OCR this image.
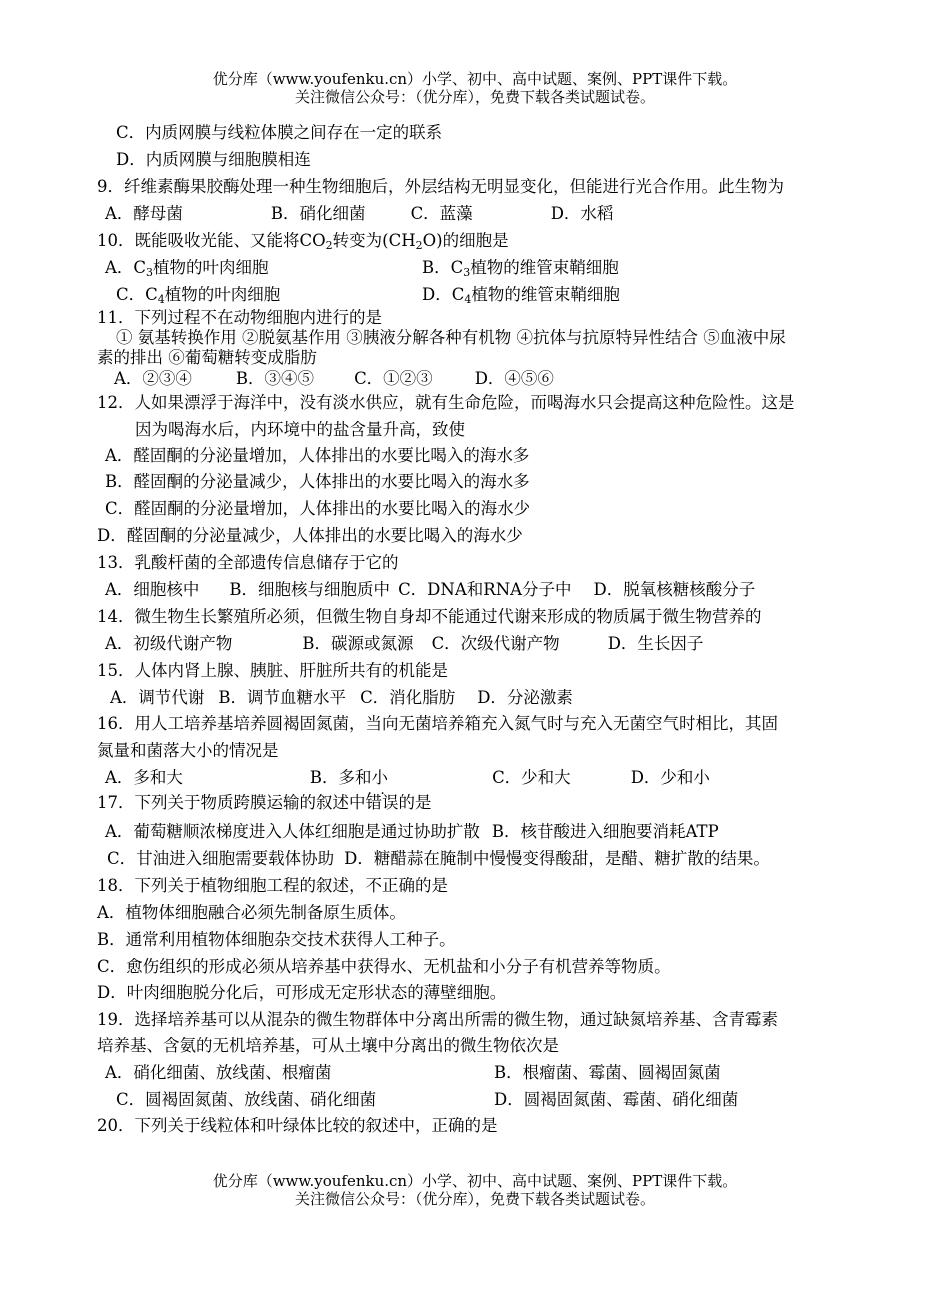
优分库（www.youfenku.cn）小学、初中、高中试题、案例、PPT课件下载。
关注微信公众号：（优分库），免费下载各类试题试卷。
C．内质网膜与线粒体膜之间存在一定的联系
D．内质网膜与细胞膜相连
9．纤维素酶果胶酶处理一种生物细胞后，外层结构无明显变化，但能进行光合作用。此生物为
A．酵母菌	B．硝化细菌	C．蓝藻	D．水稻
10．既能吸收光能、又能将$CO_2$转变为$(CH_2O)$的细胞是
A．$C_3$植物的叶肉细胞	B．$C_3$植物的维管束鞘细胞
C．$C_4$植物的叶肉细胞	D．$C_4$植物的维管束鞘细胞
11．下列过程不在动物细胞内进行的是
① 氨基转换作用 ②脱氨基作用 ③胰液分解各种有机物 ④抗体与抗原特异性结合 ⑤血液中尿
素的排出 ⑥葡萄糖转变成脂肪
A．②③④	B．③④⑤ C．①②③	D．④⑤⑥
12．人如果漂浮于海洋中，没有淡水供应，就有生命危险，而喝海水只会提高这种危险性。这是
因为喝海水后，内环境中的盐含量升高，致使
A．醛固酮的分泌量增加，人体排出的水要比喝入的海水多
B．醛固酮的分泌量减少，人体排出的水要比喝入的海水多
C．醛固酮的分泌量增加，人体排出的水要比喝入的海水少
D．醛固酮的分泌量减少，人体排出的水要比喝入的海水少
13．乳酸杆菌的全部遗传信息储存于它的
A．细胞核中 B．细胞核与细胞质中 C．DNA和RNA分子中 D．脱氧核糖核酸分子
14．微生物生长繁殖所必须，但微生物自身却不能通过代谢来形成的物质属于微生物营养的
A．初级代谢产物	B．碳源或氮源 C．次级代谢产物	D．生长因子
15．人体内肾上腺、胰脏、肝脏所共有的机能是
A．调节代谢 B．调节血糖水平 C．消化脂肪 D．分泌激素
16．用人工培养基培养圆褐固氮菌，当向无菌培养箱充入氮气时与充入无菌空气时相比，其固
氮量和菌落大小的情况是
A．多和大	B．多和小	C．少和大	D．少和小
17．下列关于物质跨膜运输的叙述中错误 · ·的是
A．葡萄糖顺浓梯度进入人体红细胞是通过协助扩散 B．核苷酸进入细胞要消耗ATP
C．甘油进入细胞需要载体协助 D．糖醋蒜在腌制中慢慢变得酸甜，是醋、糖扩散的结果。
18．下列关于植物细胞工程的叙述，不正确的是
A．植物体细胞融合必须先制备原生质体。
B．通常利用植物体细胞杂交技术获得人工种子。
C．愈伤组织的形成必须从培养基中获得水、无机盐和小分子有机营养等物质。
D．叶肉细胞脱分化后，可形成无定形状态的薄壁细胞。
19．选择培养基可以从混杂的微生物群体中分离出所需的微生物，通过缺氮培养基、含青霉素
培养基、含氨的无机培养基，可从土壤中分离出的微生物依次是
A．硝化细菌、放线菌、根瘤菌	B．根瘤菌、霉菌、圆褐固氮菌
C．圆褐固氮菌、放线菌、硝化细菌	D．圆褐固氮菌、霉菌、硝化细菌
20．下列关于线粒体和叶绿体比较的叙述中，正确的是
优分库（www.youfenku.cn）小学、初中、高中试题、案例、PPT课件下载。
关注微信公众号：（优分库），免费下载各类试题试卷。
